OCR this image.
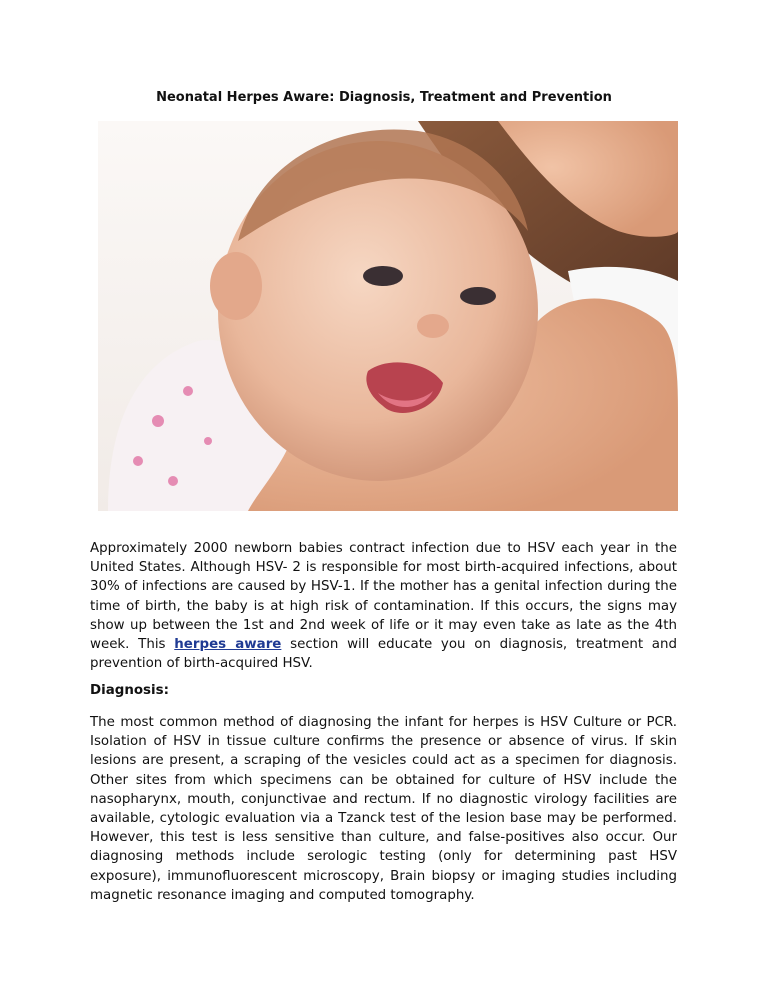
Neonatal Herpes Aware: Diagnosis, Treatment and Prevention

Approximately 2000 newborn babies contract infection due to HSV each year in the United States. Although HSV- 2 is responsible for most birth-acquired infections, about 30% of infections are caused by HSV-1. If the mother has a genital infection during the time of birth, the baby is at high risk of contamination. If this occurs, the signs may show up between the 1st and 2nd week of life or it may even take as late as the 4th week. This herpes aware section will educate you on diagnosis, treatment and prevention of birth-acquired HSV.

Diagnosis:

The most common method of diagnosing the infant for herpes is HSV Culture or PCR. Isolation of HSV in tissue culture confirms the presence or absence of virus. If skin lesions are present, a scraping of the vesicles could act as a specimen for diagnosis. Other sites from which specimens can be obtained for culture of HSV include the nasopharynx, mouth, conjunctivae and rectum. If no diagnostic virology facilities are available, cytologic evaluation via a Tzanck test of the lesion base may be performed. However, this test is less sensitive than culture, and false-positives also occur. Our diagnosing methods include serologic testing (only for determining past HSV exposure), immunofluorescent microscopy, Brain biopsy or imaging studies including magnetic resonance imaging and computed tomography.
